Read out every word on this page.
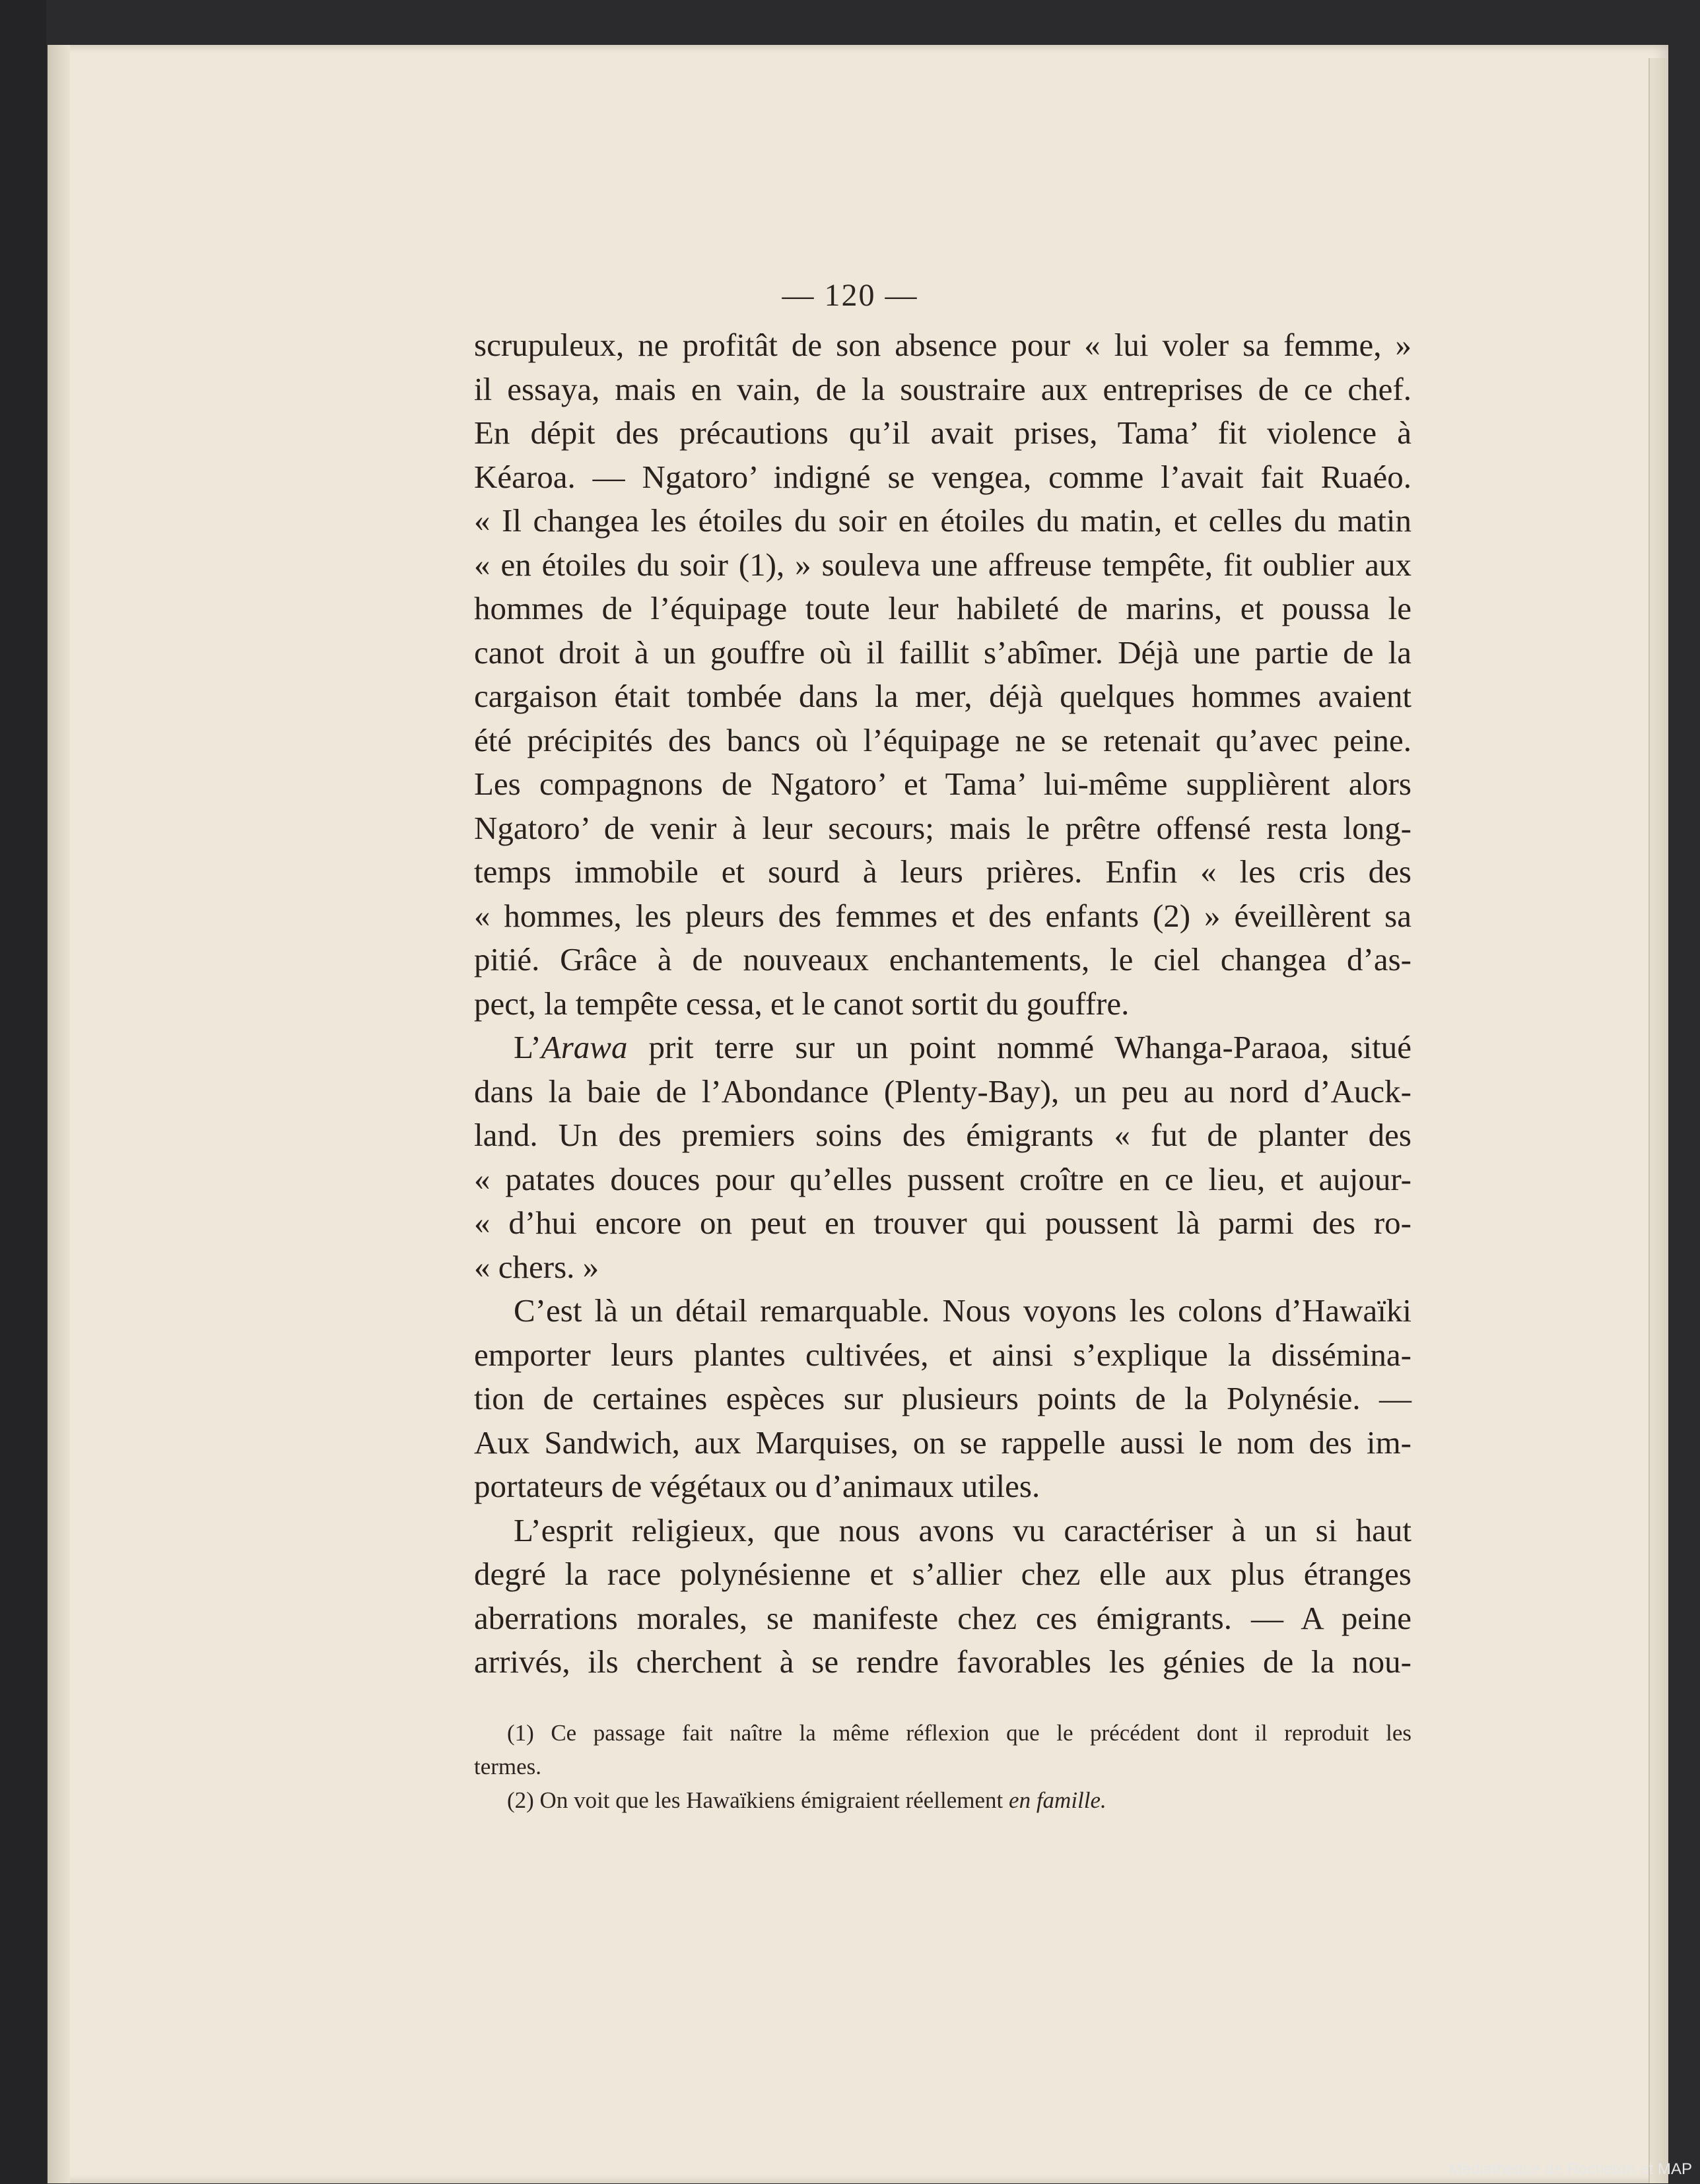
— 120 —
scrupuleux, ne profitât de son absence pour « lui voler sa femme, »
il essaya, mais en vain, de la soustraire aux entreprises de ce chef.
En dépit des précautions qu’il avait prises, Tama’ fit violence à
Kéaroa. — Ngatoro’ indigné se vengea, comme l’avait fait Ruaéo.
« Il changea les étoiles du soir en étoiles du matin, et celles du matin
« en étoiles du soir (1), » souleva une affreuse tempête, fit oublier aux
hommes de l’équipage toute leur habileté de marins, et poussa le
canot droit à un gouffre où il faillit s’abîmer. Déjà une partie de la
cargaison était tombée dans la mer, déjà quelques hommes avaient
été précipités des bancs où l’équipage ne se retenait qu’avec peine.
Les compagnons de Ngatoro’ et Tama’ lui-même supplièrent alors
Ngatoro’ de venir à leur secours; mais le prêtre offensé resta long-
temps immobile et sourd à leurs prières. Enfin « les cris des
« hommes, les pleurs des femmes et des enfants (2) » éveillèrent sa
pitié. Grâce à de nouveaux enchantements, le ciel changea d’as-
pect, la tempête cessa, et le canot sortit du gouffre.
L’Arawa prit terre sur un point nommé Whanga-Paraoa, situé
dans la baie de l’Abondance (Plenty-Bay), un peu au nord d’Auck-
land. Un des premiers soins des émigrants « fut de planter des
« patates douces pour qu’elles pussent croître en ce lieu, et aujour-
« d’hui encore on peut en trouver qui poussent là parmi des ro-
« chers. »
C’est là un détail remarquable. Nous voyons les colons d’Hawaïki
emporter leurs plantes cultivées, et ainsi s’explique la dissémina-
tion de certaines espèces sur plusieurs points de la Polynésie. —
Aux Sandwich, aux Marquises, on se rappelle aussi le nom des im-
portateurs de végétaux ou d’animaux utiles.
L’esprit religieux, que nous avons vu caractériser à un si haut
degré la race polynésienne et s’allier chez elle aux plus étranges
aberrations morales, se manifeste chez ces émigrants. — A peine
arrivés, ils cherchent à se rendre favorables les génies de la nou-
(1) Ce passage fait naître la même réflexion que le précédent dont il reproduit les
termes.
(2) On voit que les Hawaïkiens émigraient réellement en famille.
Médiathèque de Rochefort et MAP
